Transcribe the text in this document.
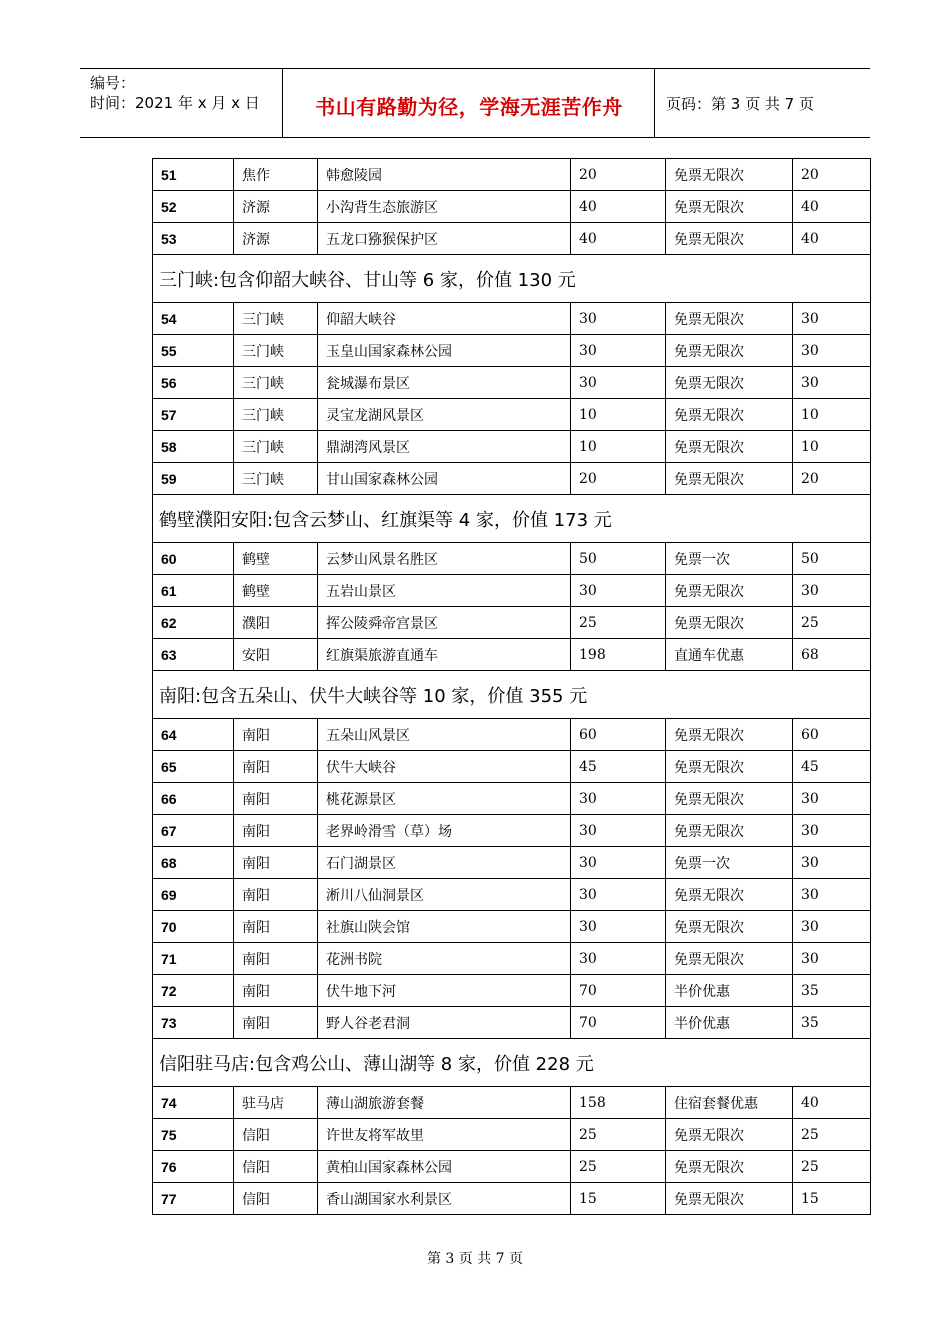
编号：
时间：2021 年 x 月 x 日	书山有路勤为径，学海无涯苦作舟	页码：第 3 页 共 7 页
51	焦作	韩愈陵园	20	免票无限次	20
52	济源	小沟背生态旅游区	40	免票无限次	40
53	济源	五龙口猕猴保护区	40	免票无限次	40
三门峡:包含仰韶大峡谷、甘山等 6 家，价值 130 元					
54	三门峡	仰韶大峡谷	30	免票无限次	30
55	三门峡	玉皇山国家森林公园	30	免票无限次	30
56	三门峡	瓮城瀑布景区	30	免票无限次	30
57	三门峡	灵宝龙湖风景区	10	免票无限次	10
58	三门峡	鼎湖湾风景区	10	免票无限次	10
59	三门峡	甘山国家森林公园	20	免票无限次	20
鹤壁濮阳安阳:包含云梦山、红旗渠等 4 家，价值 173 元					
60	鹤壁	云梦山风景名胜区	50	免票一次	50
61	鹤壁	五岩山景区	30	免票无限次	30
62	濮阳	挥公陵舜帝宫景区	25	免票无限次	25
63	安阳	红旗渠旅游直通车	198	直通车优惠	68
南阳:包含五朵山、伏牛大峡谷等 10 家，价值 355 元					
64	南阳	五朵山风景区	60	免票无限次	60
65	南阳	伏牛大峡谷	45	免票无限次	45
66	南阳	桃花源景区	30	免票无限次	30
67	南阳	老界岭滑雪（草）场	30	免票无限次	30
68	南阳	石门湖景区	30	免票一次	30
69	南阳	淅川八仙洞景区	30	免票无限次	30
70	南阳	社旗山陕会馆	30	免票无限次	30
71	南阳	花洲书院	30	免票无限次	30
72	南阳	伏牛地下河	70	半价优惠	35
73	南阳	野人谷老君洞	70	半价优惠	35
信阳驻马店:包含鸡公山、薄山湖等 8 家，价值 228 元					
74	驻马店	薄山湖旅游套餐	158	住宿套餐优惠	40
75	信阳	许世友将军故里	25	免票无限次	25
76	信阳	黄柏山国家森林公园	25	免票无限次	25
77	信阳	香山湖国家水利景区	15	免票无限次	15
第 3 页 共 7 页
